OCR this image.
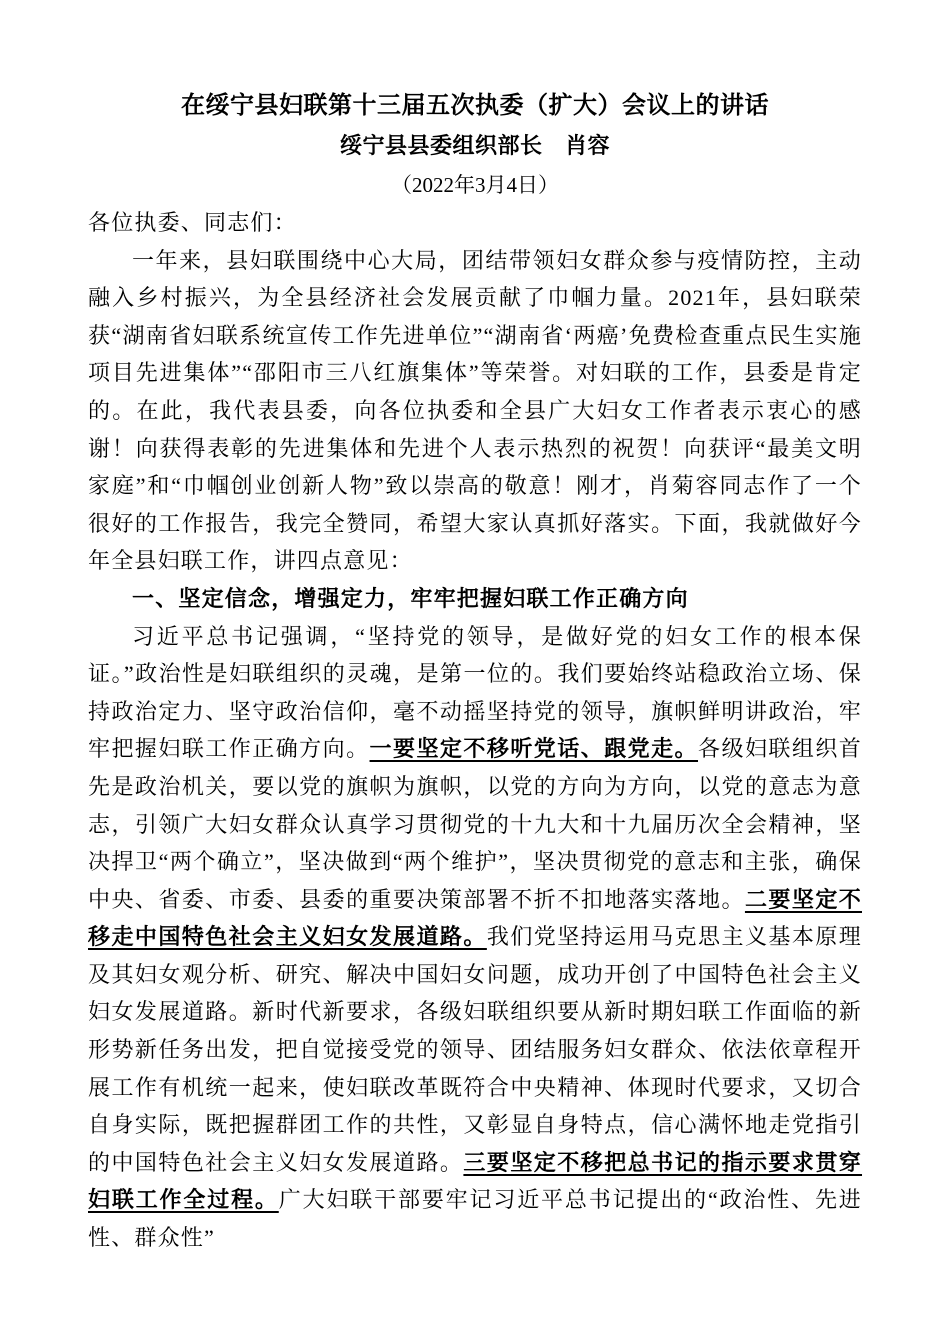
在绥宁县妇联第十三届五次执委（扩大）会议上的讲话
绥宁县县委组织部长　肖容
（2022年3月4日）

各位执委、同志们：

一年来，县妇联围绕中心大局，团结带领妇女群众参与疫情防控，主动融入乡村振兴，为全县经济社会发展贡献了巾帼力量。2021年，县妇联荣获“湖南省妇联系统宣传工作先进单位”“湖南省‘两癌’免费检查重点民生实施项目先进集体”“邵阳市三八红旗集体”等荣誉。对妇联的工作，县委是肯定的。在此，我代表县委，向各位执委和全县广大妇女工作者表示衷心的感谢！向获得表彰的先进集体和先进个人表示热烈的祝贺！向获评“最美文明家庭”和“巾帼创业创新人物”致以崇高的敬意！刚才，肖菊容同志作了一个很好的工作报告，我完全赞同，希望大家认真抓好落实。下面，我就做好今年全县妇联工作，讲四点意见：

一、坚定信念，增强定力，牢牢把握妇联工作正确方向

习近平总书记强调，“坚持党的领导，是做好党的妇女工作的根本保证。”政治性是妇联组织的灵魂，是第一位的。我们要始终站稳政治立场、保持政治定力、坚守政治信仰，毫不动摇坚持党的领导，旗帜鲜明讲政治，牢牢把握妇联工作正确方向。一要坚定不移听党话、跟党走。各级妇联组织首先是政治机关，要以党的旗帜为旗帜，以党的方向为方向，以党的意志为意志，引领广大妇女群众认真学习贯彻党的十九大和十九届历次全会精神，坚决捍卫“两个确立”，坚决做到“两个维护”，坚决贯彻党的意志和主张，确保中央、省委、市委、县委的重要决策部署不折不扣地落实落地。二要坚定不移走中国特色社会主义妇女发展道路。我们党坚持运用马克思主义基本原理及其妇女观分析、研究、解决中国妇女问题，成功开创了中国特色社会主义妇女发展道路。新时代新要求，各级妇联组织要从新时期妇联工作面临的新形势新任务出发，把自觉接受党的领导、团结服务妇女群众、依法依章程开展工作有机统一起来，使妇联改革既符合中央精神、体现时代要求，又切合自身实际，既把握群团工作的共性，又彰显自身特点，信心满怀地走党指引的中国特色社会主义妇女发展道路。三要坚定不移把总书记的指示要求贯穿妇联工作全过程。广大妇联干部要牢记习近平总书记提出的“政治性、先进性、群众性”
